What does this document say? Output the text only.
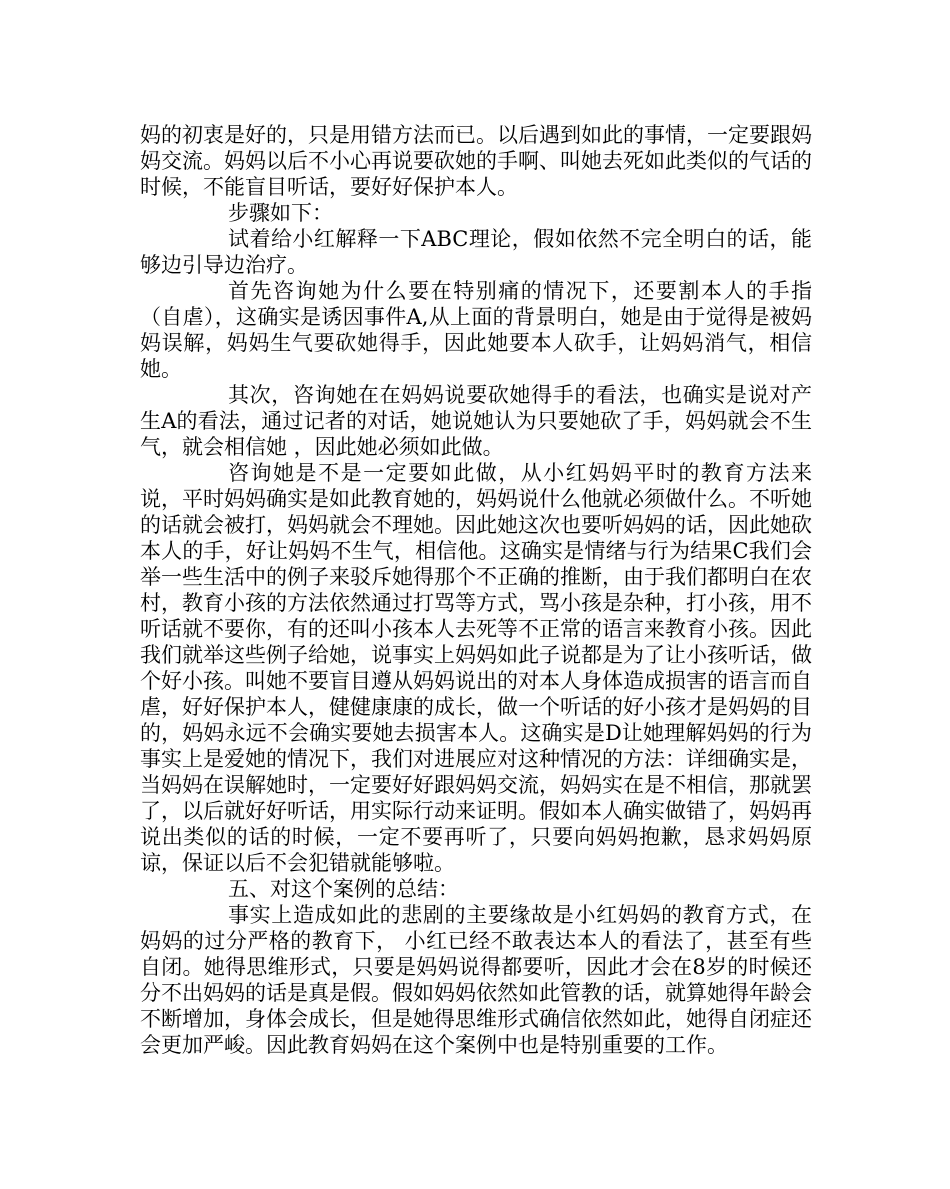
妈的初衷是好的，只是用错方法而已。以后遇到如此的事情，一定要跟妈妈交流。妈妈以后不小心再说要砍她的手啊、叫她去死如此类似的气话的时候，不能盲目听话，要好好保护本人。

步骤如下：

试着给小红解释一下ABC理论，假如依然不完全明白的话，能够边引导边治疗。

首先咨询她为什么要在特别痛的情况下，还要割本人的手指（自虐），这确实是诱因事件A,从上面的背景明白，她是由于觉得是被妈妈误解，妈妈生气要砍她得手，因此她要本人砍手，让妈妈消气，相信她。

其次，咨询她在在妈妈说要砍她得手的看法，也确实是说对产生A的看法，通过记者的对话，她说她认为只要她砍了手，妈妈就会不生气，就会相信她 ，因此她必须如此做。

咨询她是不是一定要如此做，从小红妈妈平时的教育方法来说，平时妈妈确实是如此教育她的，妈妈说什么他就必须做什么。不听她的话就会被打，妈妈就会不理她。因此她这次也要听妈妈的话，因此她砍本人的手，好让妈妈不生气，相信他。这确实是情绪与行为结果C我们会举一些生活中的例子来驳斥她得那个不正确的推断，由于我们都明白在农村，教育小孩的方法依然通过打骂等方式，骂小孩是杂种，打小孩，用不听话就不要你，有的还叫小孩本人去死等不正常的语言来教育小孩。因此我们就举这些例子给她，说事实上妈妈如此子说都是为了让小孩听话，做个好小孩。叫她不要盲目遵从妈妈说出的对本人身体造成损害的语言而自虐，好好保护本人，健健康康的成长，做一个听话的好小孩才是妈妈的目的，妈妈永远不会确实要她去损害本人。这确实是D让她理解妈妈的行为事实上是爱她的情况下，我们对进展应对这种情况的方法：详细确实是，当妈妈在误解她时，一定要好好跟妈妈交流，妈妈实在是不相信，那就罢了，以后就好好听话，用实际行动来证明。假如本人确实做错了，妈妈再说出类似的话的时候，一定不要再听了，只要向妈妈抱歉，恳求妈妈原谅，保证以后不会犯错就能够啦。

五、对这个案例的总结：

事实上造成如此的悲剧的主要缘故是小红妈妈的教育方式，在妈妈的过分严格的教育下， 小红已经不敢表达本人的看法了，甚至有些自闭。她得思维形式，只要是妈妈说得都要听，因此才会在8岁的时候还分不出妈妈的话是真是假。假如妈妈依然如此管教的话，就算她得年龄会不断增加，身体会成长，但是她得思维形式确信依然如此，她得自闭症还会更加严峻。因此教育妈妈在这个案例中也是特别重要的工作。
